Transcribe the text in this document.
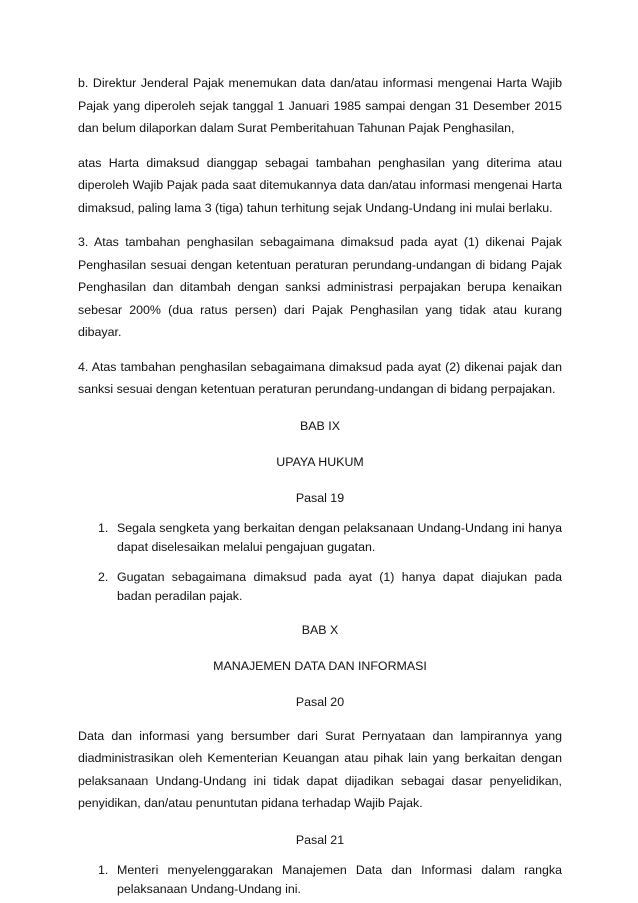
b. Direktur Jenderal Pajak menemukan data dan/atau informasi mengenai Harta Wajib Pajak yang diperoleh sejak tanggal 1 Januari 1985 sampai dengan 31 Desember 2015 dan belum dilaporkan dalam Surat Pemberitahuan Tahunan Pajak Penghasilan,

atas Harta dimaksud dianggap sebagai tambahan penghasilan yang diterima atau diperoleh Wajib Pajak pada saat ditemukannya data dan/atau informasi mengenai Harta dimaksud, paling lama 3 (tiga) tahun terhitung sejak Undang-Undang ini mulai berlaku.

3. Atas tambahan penghasilan sebagaimana dimaksud pada ayat (1) dikenai Pajak Penghasilan sesuai dengan ketentuan peraturan perundang-undangan di bidang Pajak Penghasilan dan ditambah dengan sanksi administrasi perpajakan berupa kenaikan sebesar 200% (dua ratus persen) dari Pajak Penghasilan yang tidak atau kurang dibayar.

4. Atas tambahan penghasilan sebagaimana dimaksud pada ayat (2) dikenai pajak dan sanksi sesuai dengan ketentuan peraturan perundang-undangan di bidang perpajakan.

BAB IX

UPAYA HUKUM

Pasal 19

1. Segala sengketa yang berkaitan dengan pelaksanaan Undang-Undang ini hanya dapat diselesaikan melalui pengajuan gugatan.
2. Gugatan sebagaimana dimaksud pada ayat (1) hanya dapat diajukan pada badan peradilan pajak.

BAB X

MANAJEMEN DATA DAN INFORMASI

Pasal 20

Data dan informasi yang bersumber dari Surat Pernyataan dan lampirannya yang diadministrasikan oleh Kementerian Keuangan atau pihak lain yang berkaitan dengan pelaksanaan Undang-Undang ini tidak dapat dijadikan sebagai dasar penyelidikan, penyidikan, dan/atau penuntutan pidana terhadap Wajib Pajak.

Pasal 21

1. Menteri menyelenggarakan Manajemen Data dan Informasi dalam rangka pelaksanaan Undang-Undang ini.
